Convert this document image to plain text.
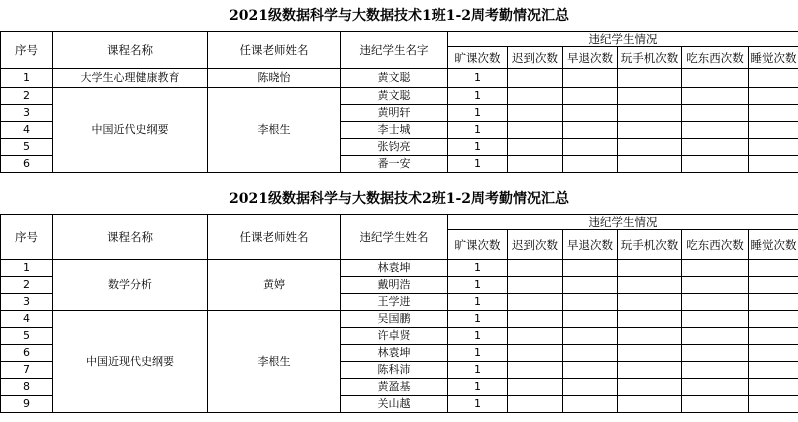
2021级数据科学与大数据技术1班1-2周考勤情况汇总
序号	课程名称	任课老师姓名	违纪学生名字	违纪学生情况					
				旷课次数	迟到次数	早退次数	玩手机次数	吃东西次数	睡觉次数
1	大学生心理健康教育	陈晓怡	黄文聪	1					
2	中国近代史纲要	李根生	黄文聪	1					
3			黄明轩	1					
4			李士城	1					
5			张钧亮	1					
6			番一安	1					
2021级数据科学与大数据技术2班1-2周考勤情况汇总
序号	课程名称	任课老师姓名	违纪学生姓名	违纪学生情况					
				旷课次数	迟到次数	早退次数	玩手机次数	吃东西次数	睡觉次数
1	数学分析	黄婷	林袁坤	1					
2			戴明浩	1					
3			王学进	1					
4	中国近现代史纲要	李根生	吴国鹏	1					
5			许卓贤	1					
6			林袁坤	1					
7			陈科沛	1					
8			黄盈基	1					
9			关山越	1					
